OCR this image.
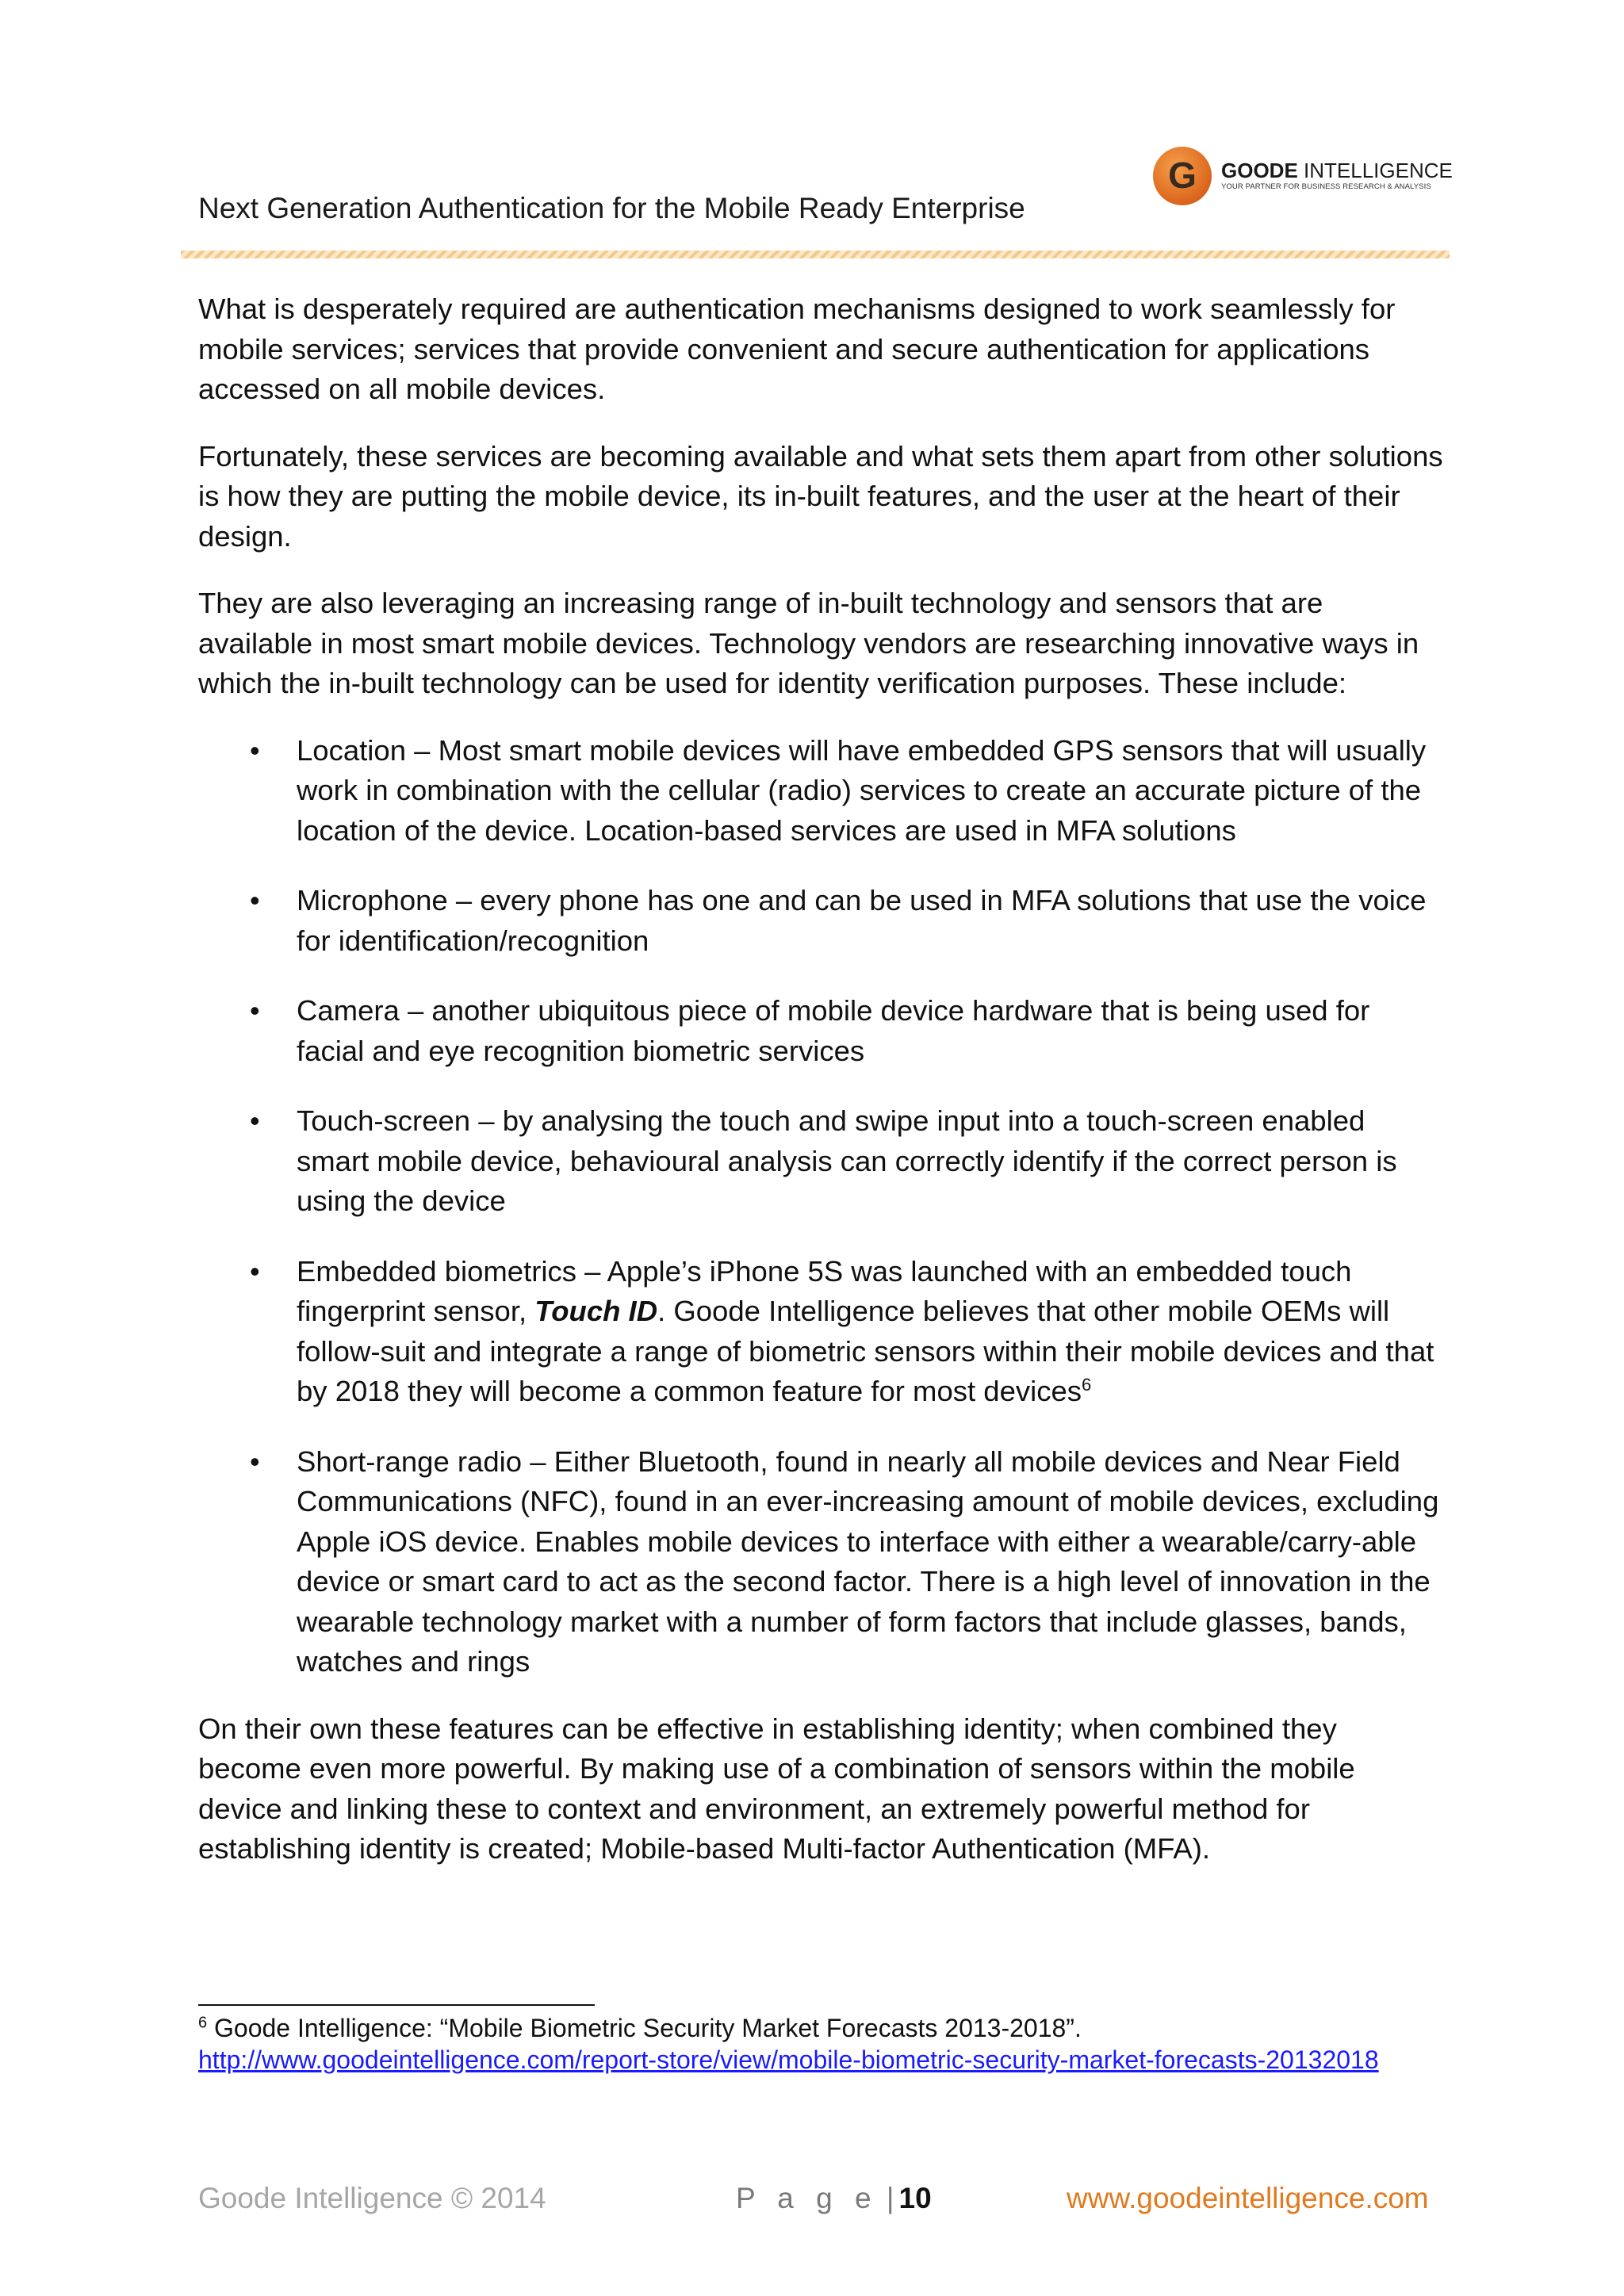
Next Generation Authentication for the Mobile Ready Enterprise
G GOODE INTELLIGENCE
YOUR PARTNER FOR BUSINESS RESEARCH & ANALYSIS

What is desperately required are authentication mechanisms designed to work seamlessly for mobile services; services that provide convenient and secure authentication for applications accessed on all mobile devices.

Fortunately, these services are becoming available and what sets them apart from other solutions is how they are putting the mobile device, its in-built features, and the user at the heart of their design.

They are also leveraging an increasing range of in-built technology and sensors that are available in most smart mobile devices. Technology vendors are researching innovative ways in which the in-built technology can be used for identity verification purposes. These include:

• Location – Most smart mobile devices will have embedded GPS sensors that will usually work in combination with the cellular (radio) services to create an accurate picture of the location of the device. Location-based services are used in MFA solutions
• Microphone – every phone has one and can be used in MFA solutions that use the voice for identification/recognition
• Camera – another ubiquitous piece of mobile device hardware that is being used for facial and eye recognition biometric services
• Touch-screen – by analysing the touch and swipe input into a touch-screen enabled smart mobile device, behavioural analysis can correctly identify if the correct person is using the device
• Embedded biometrics – Apple’s iPhone 5S was launched with an embedded touch fingerprint sensor, Touch ID. Goode Intelligence believes that other mobile OEMs will follow-suit and integrate a range of biometric sensors within their mobile devices and that by 2018 they will become a common feature for most devices$^6$
• Short-range radio – Either Bluetooth, found in nearly all mobile devices and Near Field Communications (NFC), found in an ever-increasing amount of mobile devices, excluding Apple iOS device. Enables mobile devices to interface with either a wearable/carry-able device or smart card to act as the second factor. There is a high level of innovation in the wearable technology market with a number of form factors that include glasses, bands, watches and rings

On their own these features can be effective in establishing identity; when combined they become even more powerful. By making use of a combination of sensors within the mobile device and linking these to context and environment, an extremely powerful method for establishing identity is created; Mobile-based Multi-factor Authentication (MFA).

$^6$ Goode Intelligence: “Mobile Biometric Security Market Forecasts 2013-2018”.
http://www.goodeintelligence.com/report-store/view/mobile-biometric-security-market-forecasts-20132018
Goode Intelligence © 2014	P a g e | 10	www.goodeintelligence.com
